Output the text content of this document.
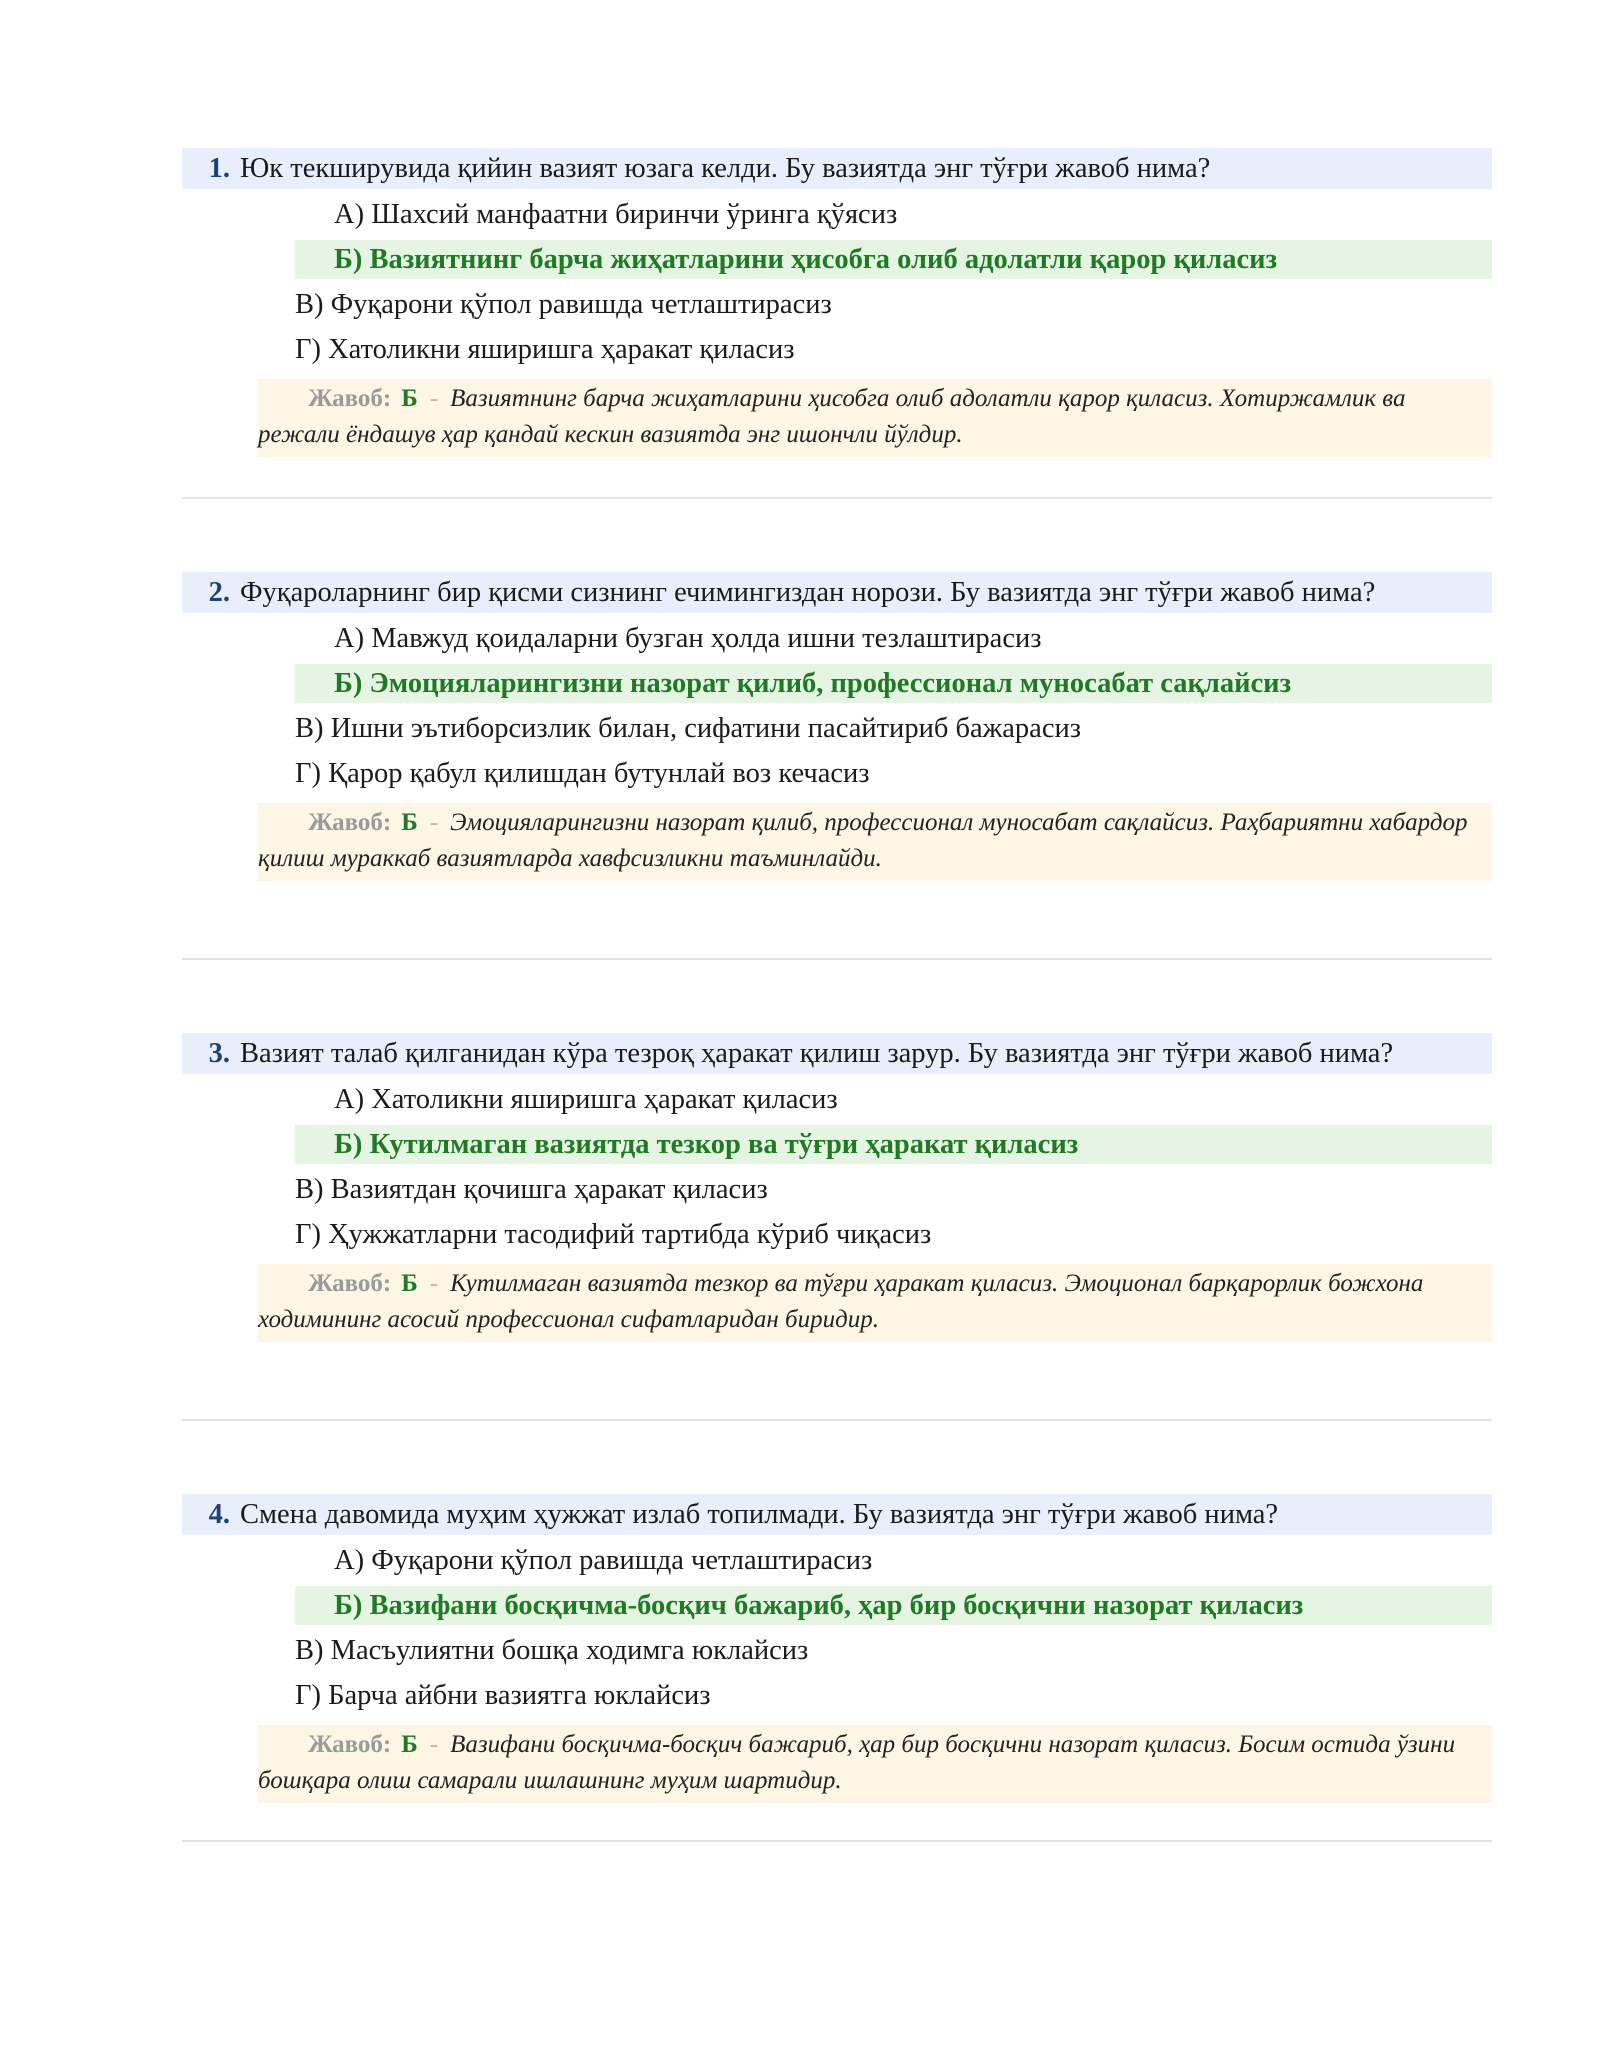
1. Юк текширувида қийин вазият юзага келди. Бу вазиятда энг тўғри жавоб нима?
А) Шахсий манфаатни биринчи ўринга қўясиз
Б) Вазиятнинг барча жиҳатларини ҳисобга олиб адолатли қарор қиласиз
В) Фуқарони қўпол равишда четлаштирасиз
Г) Хатоликни яширишга ҳаракат қиласиз
Жавоб: Б - Вазиятнинг барча жиҳатларини ҳисобга олиб адолатли қарор қиласиз. Хотиржамлик ва режали ёндашув ҳар қандай кескин вазиятда энг ишончли йўлдир.
2. Фуқароларнинг бир қисми сизнинг ечимингиздан норози. Бу вазиятда энг тўғри жавоб нима?
А) Мавжуд қоидаларни бузган ҳолда ишни тезлаштирасиз
Б) Эмоцияларингизни назорат қилиб, профессионал муносабат сақлайсиз
В) Ишни эътиборсизлик билан, сифатини пасайтириб бажарасиз
Г) Қарор қабул қилишдан бутунлай воз кечасиз
Жавоб: Б - Эмоцияларингизни назорат қилиб, профессионал муносабат сақлайсиз. Раҳбариятни хабардор қилиш мураккаб вазиятларда хавфсизликни таъминлайди.
3. Вазият талаб қилганидан кўра тезроқ ҳаракат қилиш зарур. Бу вазиятда энг тўғри жавоб нима?
А) Хатоликни яширишга ҳаракат қиласиз
Б) Кутилмаган вазиятда тезкор ва тўғри ҳаракат қиласиз
В) Вазиятдан қочишга ҳаракат қиласиз
Г) Ҳужжатларни тасодифий тартибда кўриб чиқасиз
Жавоб: Б - Кутилмаган вазиятда тезкор ва тўғри ҳаракат қиласиз. Эмоционал барқарорлик божхона ходимининг асосий профессионал сифатларидан биридир.
4. Смена давомида муҳим ҳужжат излаб топилмади. Бу вазиятда энг тўғри жавоб нима?
А) Фуқарони қўпол равишда четлаштирасиз
Б) Вазифани босқичма-босқич бажариб, ҳар бир босқични назорат қиласиз
В) Масъулиятни бошқа ходимга юклайсиз
Г) Барча айбни вазиятга юклайсиз
Жавоб: Б - Вазифани босқичма-босқич бажариб, ҳар бир босқични назорат қиласиз. Босим остида ўзини бошқара олиш самарали ишлашнинг муҳим шартидир.
